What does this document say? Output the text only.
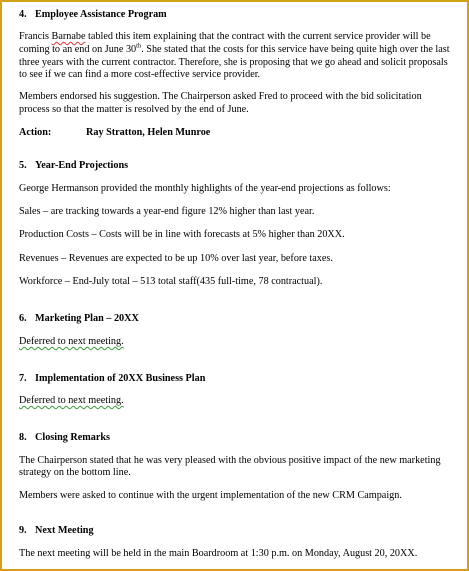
4. Employee Assistance Program
Francis Barnabe tabled this item explaining that the contract with the current service provider will be
coming to an end on June 30th. She stated that the costs for this service have being quite high over the last
three years with the current contractor. Therefore, she is proposing that we go ahead and solicit proposals
to see if we can find a more cost-effective service provider.
Members endorsed his suggestion. The Chairperson asked Fred to proceed with the bid solicitation
process so that the matter is resolved by the end of June.
Action:	Ray Stratton, Helen Munroe
5. Year-End Projections
George Hermanson provided the monthly highlights of the year-end projections as follows:
Sales – are tracking towards a year-end figure 12% higher than last year.
Production Costs – Costs will be in line with forecasts at 5% higher than 20XX.
Revenues – Revenues are expected to be up 10% over last year, before taxes.
Workforce – End-July total – 513 total staff(435 full-time, 78 contractual).
6. Marketing Plan – 20XX
Deferred to next meeting.
7. Implementation of 20XX Business Plan
Deferred to next meeting.
8. Closing Remarks
The Chairperson stated that he was very pleased with the obvious positive impact of the new marketing
strategy on the bottom line.
Members were asked to continue with the urgent implementation of the new CRM Campaign.
9. Next Meeting
The next meeting will be held in the main Boardroom at 1:30 p.m. on Monday, August 20, 20XX.
